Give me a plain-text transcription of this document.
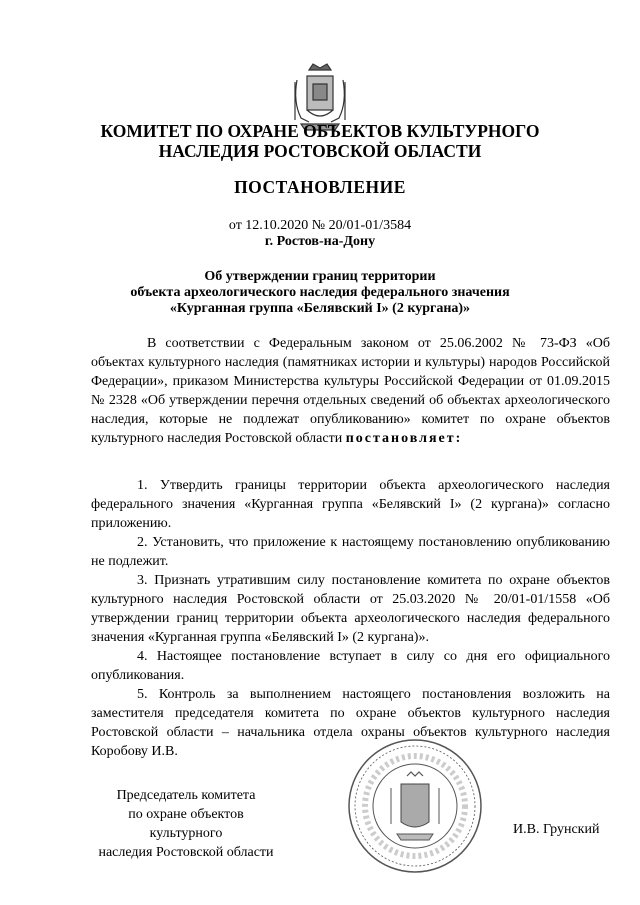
КОМИТЕТ ПО ОХРАНЕ ОБЪЕКТОВ КУЛЬТУРНОГО
НАСЛЕДИЯ РОСТОВСКОЙ ОБЛАСТИ
ПОСТАНОВЛЕНИЕ
от 12.10.2020 № 20/01-01/3584
г. Ростов-на-Дону
Об утверждении границ территории
объекта археологического наследия федерального значения
«Курганная группа «Белявский I» (2 кургана)»
В соответствии с Федеральным законом от 25.06.2002 № 73-ФЗ «Об объектах культурного наследия (памятниках истории и культуры) народов Российской Федерации», приказом Министерства культуры Российской Федерации от 01.09.2015 № 2328 «Об утверждении перечня отдельных сведений об объектах археологического наследия, которые не подлежат опубликованию» комитет по охране объектов культурного наследия Ростовской области постановляет:

1. Утвердить границы территории объекта археологического наследия федерального значения «Курганная группа «Белявский I» (2 кургана)» согласно приложению.

2. Установить, что приложение к настоящему постановлению опубликованию не подлежит.

3. Признать утратившим силу постановление комитета по охране объектов культурного наследия Ростовской области от 25.03.2020 № 20/01-01/1558 «Об утверждении границ территории объекта археологического наследия федерального значения «Курганная группа «Белявский I» (2 кургана)».

4. Настоящее постановление вступает в силу со дня его официального опубликования.

5. Контроль за выполнением настоящего постановления возложить на заместителя председателя комитета по охране объектов культурного наследия Ростовской области – начальника отдела охраны объектов культурного наследия Коробову И.В.

Председатель комитета
по охране объектов культурного
наследия Ростовской области
И.В. Грунский
